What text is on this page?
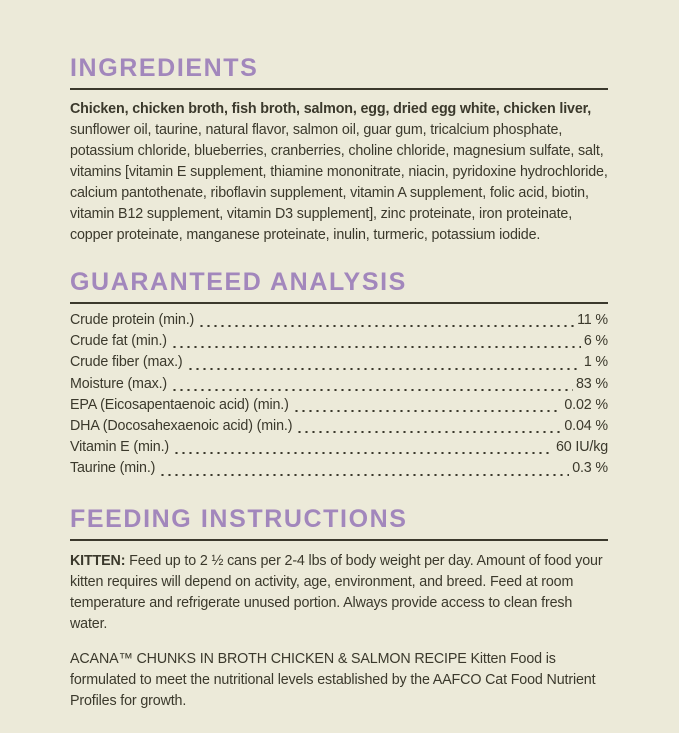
INGREDIENTS

Chicken, chicken broth, fish broth, salmon, egg, dried egg white, chicken liver, sunflower oil, taurine, natural flavor, salmon oil, guar gum, tricalcium phosphate, potassium chloride, blueberries, cranberries, choline chloride, magnesium sulfate, salt, vitamins [vitamin E supplement, thiamine mononitrate, niacin, pyridoxine hydrochloride, calcium pantothenate, riboflavin supplement, vitamin A supplement, folic acid, biotin, vitamin B12 supplement, vitamin D3 supplement], zinc proteinate, iron proteinate, copper proteinate, manganese proteinate, inulin, turmeric, potassium iodide.

GUARANTEED ANALYSIS
Crude protein (min.)	11 %
Crude fat (min.)	6 %
Crude fiber (max.)	1 %
Moisture (max.)	83 %
EPA (Eicosapentaenoic acid) (min.)	0.02 %
DHA (Docosahexaenoic acid) (min.)	0.04 %
Vitamin E (min.)	60 IU/kg
Taurine (min.)	0.3 %
FEEDING INSTRUCTIONS

KITTEN: Feed up to 2 ½ cans per 2-4 lbs of body weight per day. Amount of food your kitten requires will depend on activity, age, environment, and breed. Feed at room temperature and refrigerate unused portion. Always provide access to clean fresh water.

ACANA™ CHUNKS IN BROTH CHICKEN & SALMON RECIPE Kitten Food is formulated to meet the nutritional levels established by the AAFCO Cat Food Nutrient Profiles for growth.
